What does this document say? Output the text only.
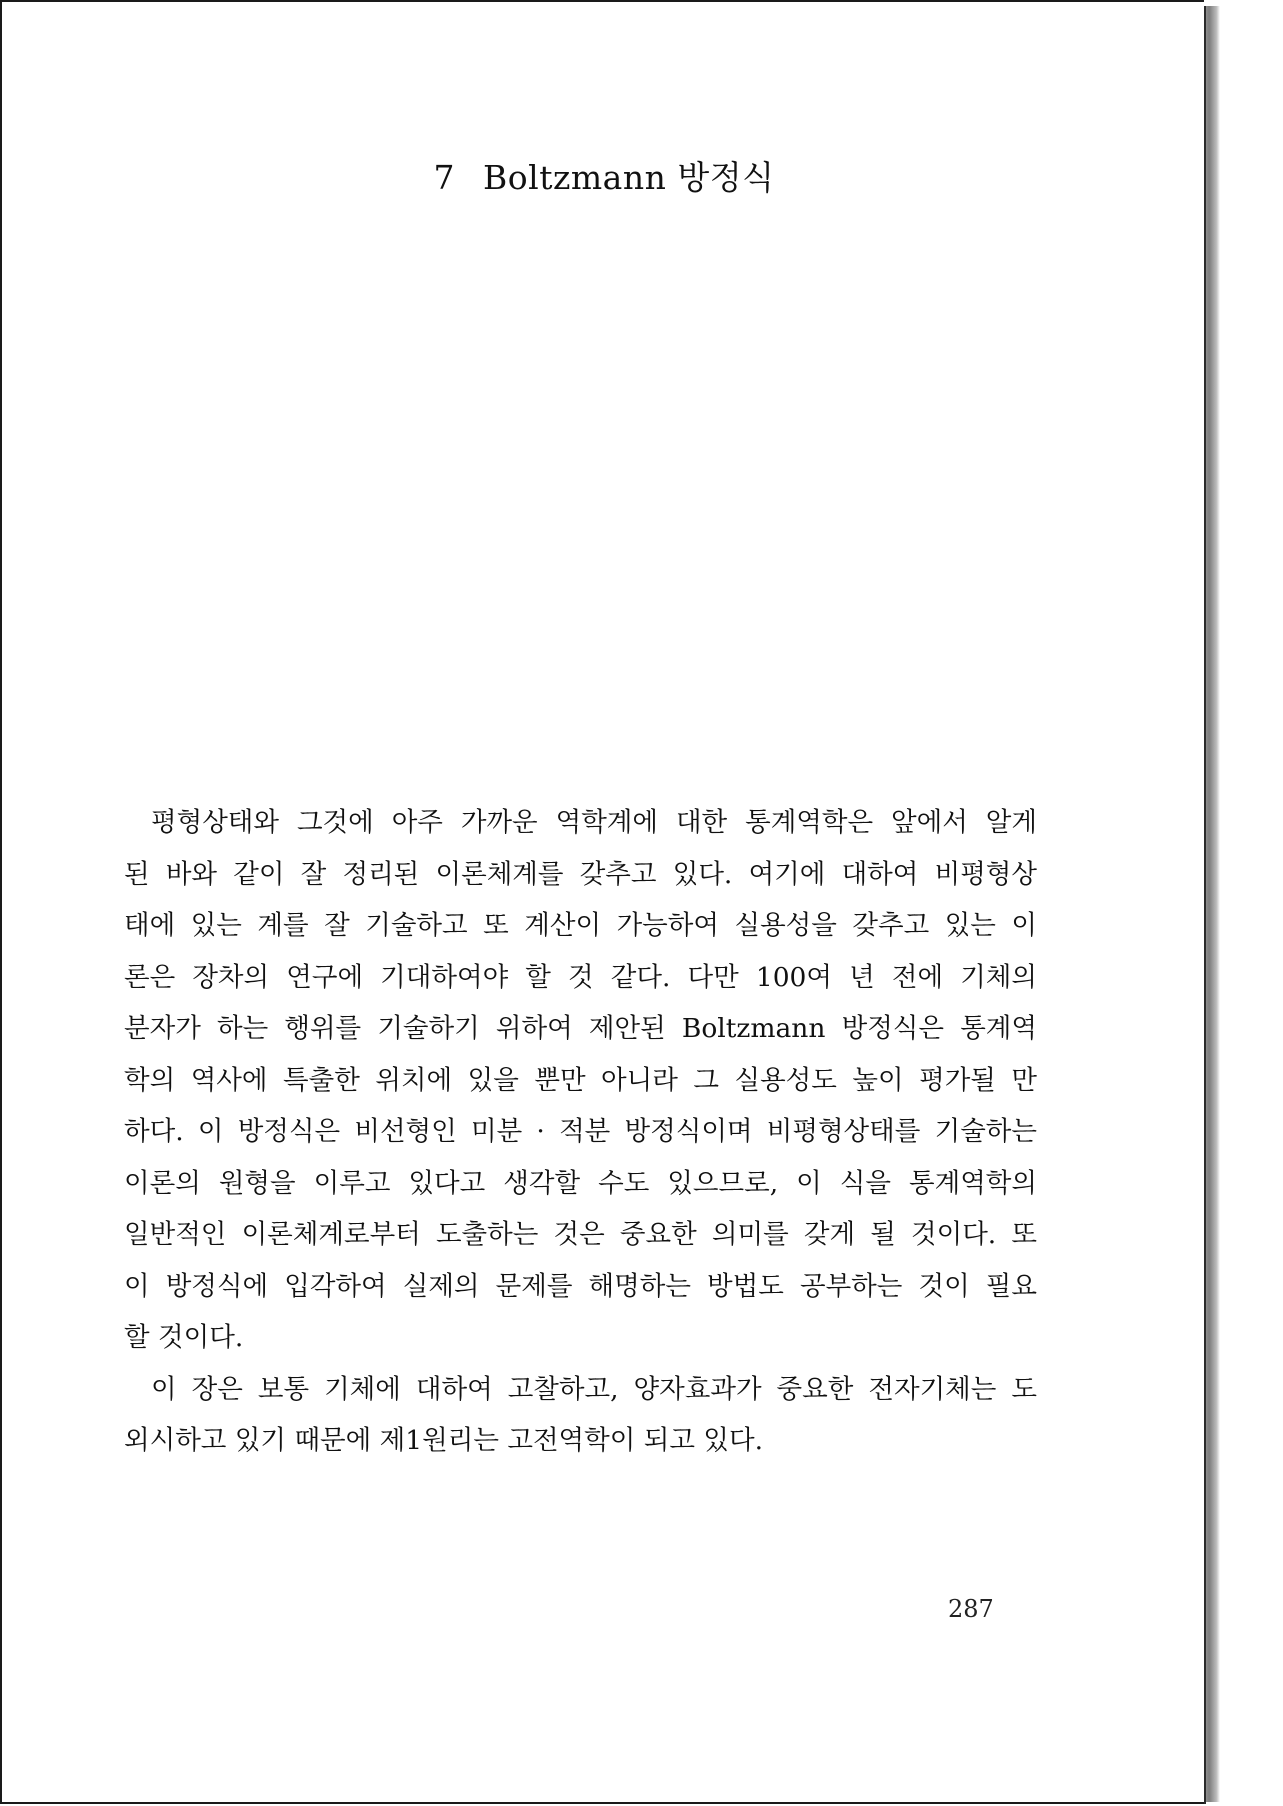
7 Boltzmann 방정식
평형상태와 그것에 아주 가까운 역학계에 대한 통계역학은 앞에서 알게
된 바와 같이 잘 정리된 이론체계를 갖추고 있다. 여기에 대하여 비평형상
태에 있는 계를 잘 기술하고 또 계산이 가능하여 실용성을 갖추고 있는 이
론은 장차의 연구에 기대하여야 할 것 같다. 다만 100여 년 전에 기체의
분자가 하는 행위를 기술하기 위하여 제안된 Boltzmann 방정식은 통계역
학의 역사에 특출한 위치에 있을 뿐만 아니라 그 실용성도 높이 평가될 만
하다. 이 방정식은 비선형인 미분 · 적분 방정식이며 비평형상태를 기술하는
이론의 원형을 이루고 있다고 생각할 수도 있으므로, 이 식을 통계역학의
일반적인 이론체계로부터 도출하는 것은 중요한 의미를 갖게 될 것이다. 또
이 방정식에 입각하여 실제의 문제를 해명하는 방법도 공부하는 것이 필요
할 것이다.
이 장은 보통 기체에 대하여 고찰하고, 양자효과가 중요한 전자기체는 도
외시하고 있기 때문에 제1원리는 고전역학이 되고 있다.
287
